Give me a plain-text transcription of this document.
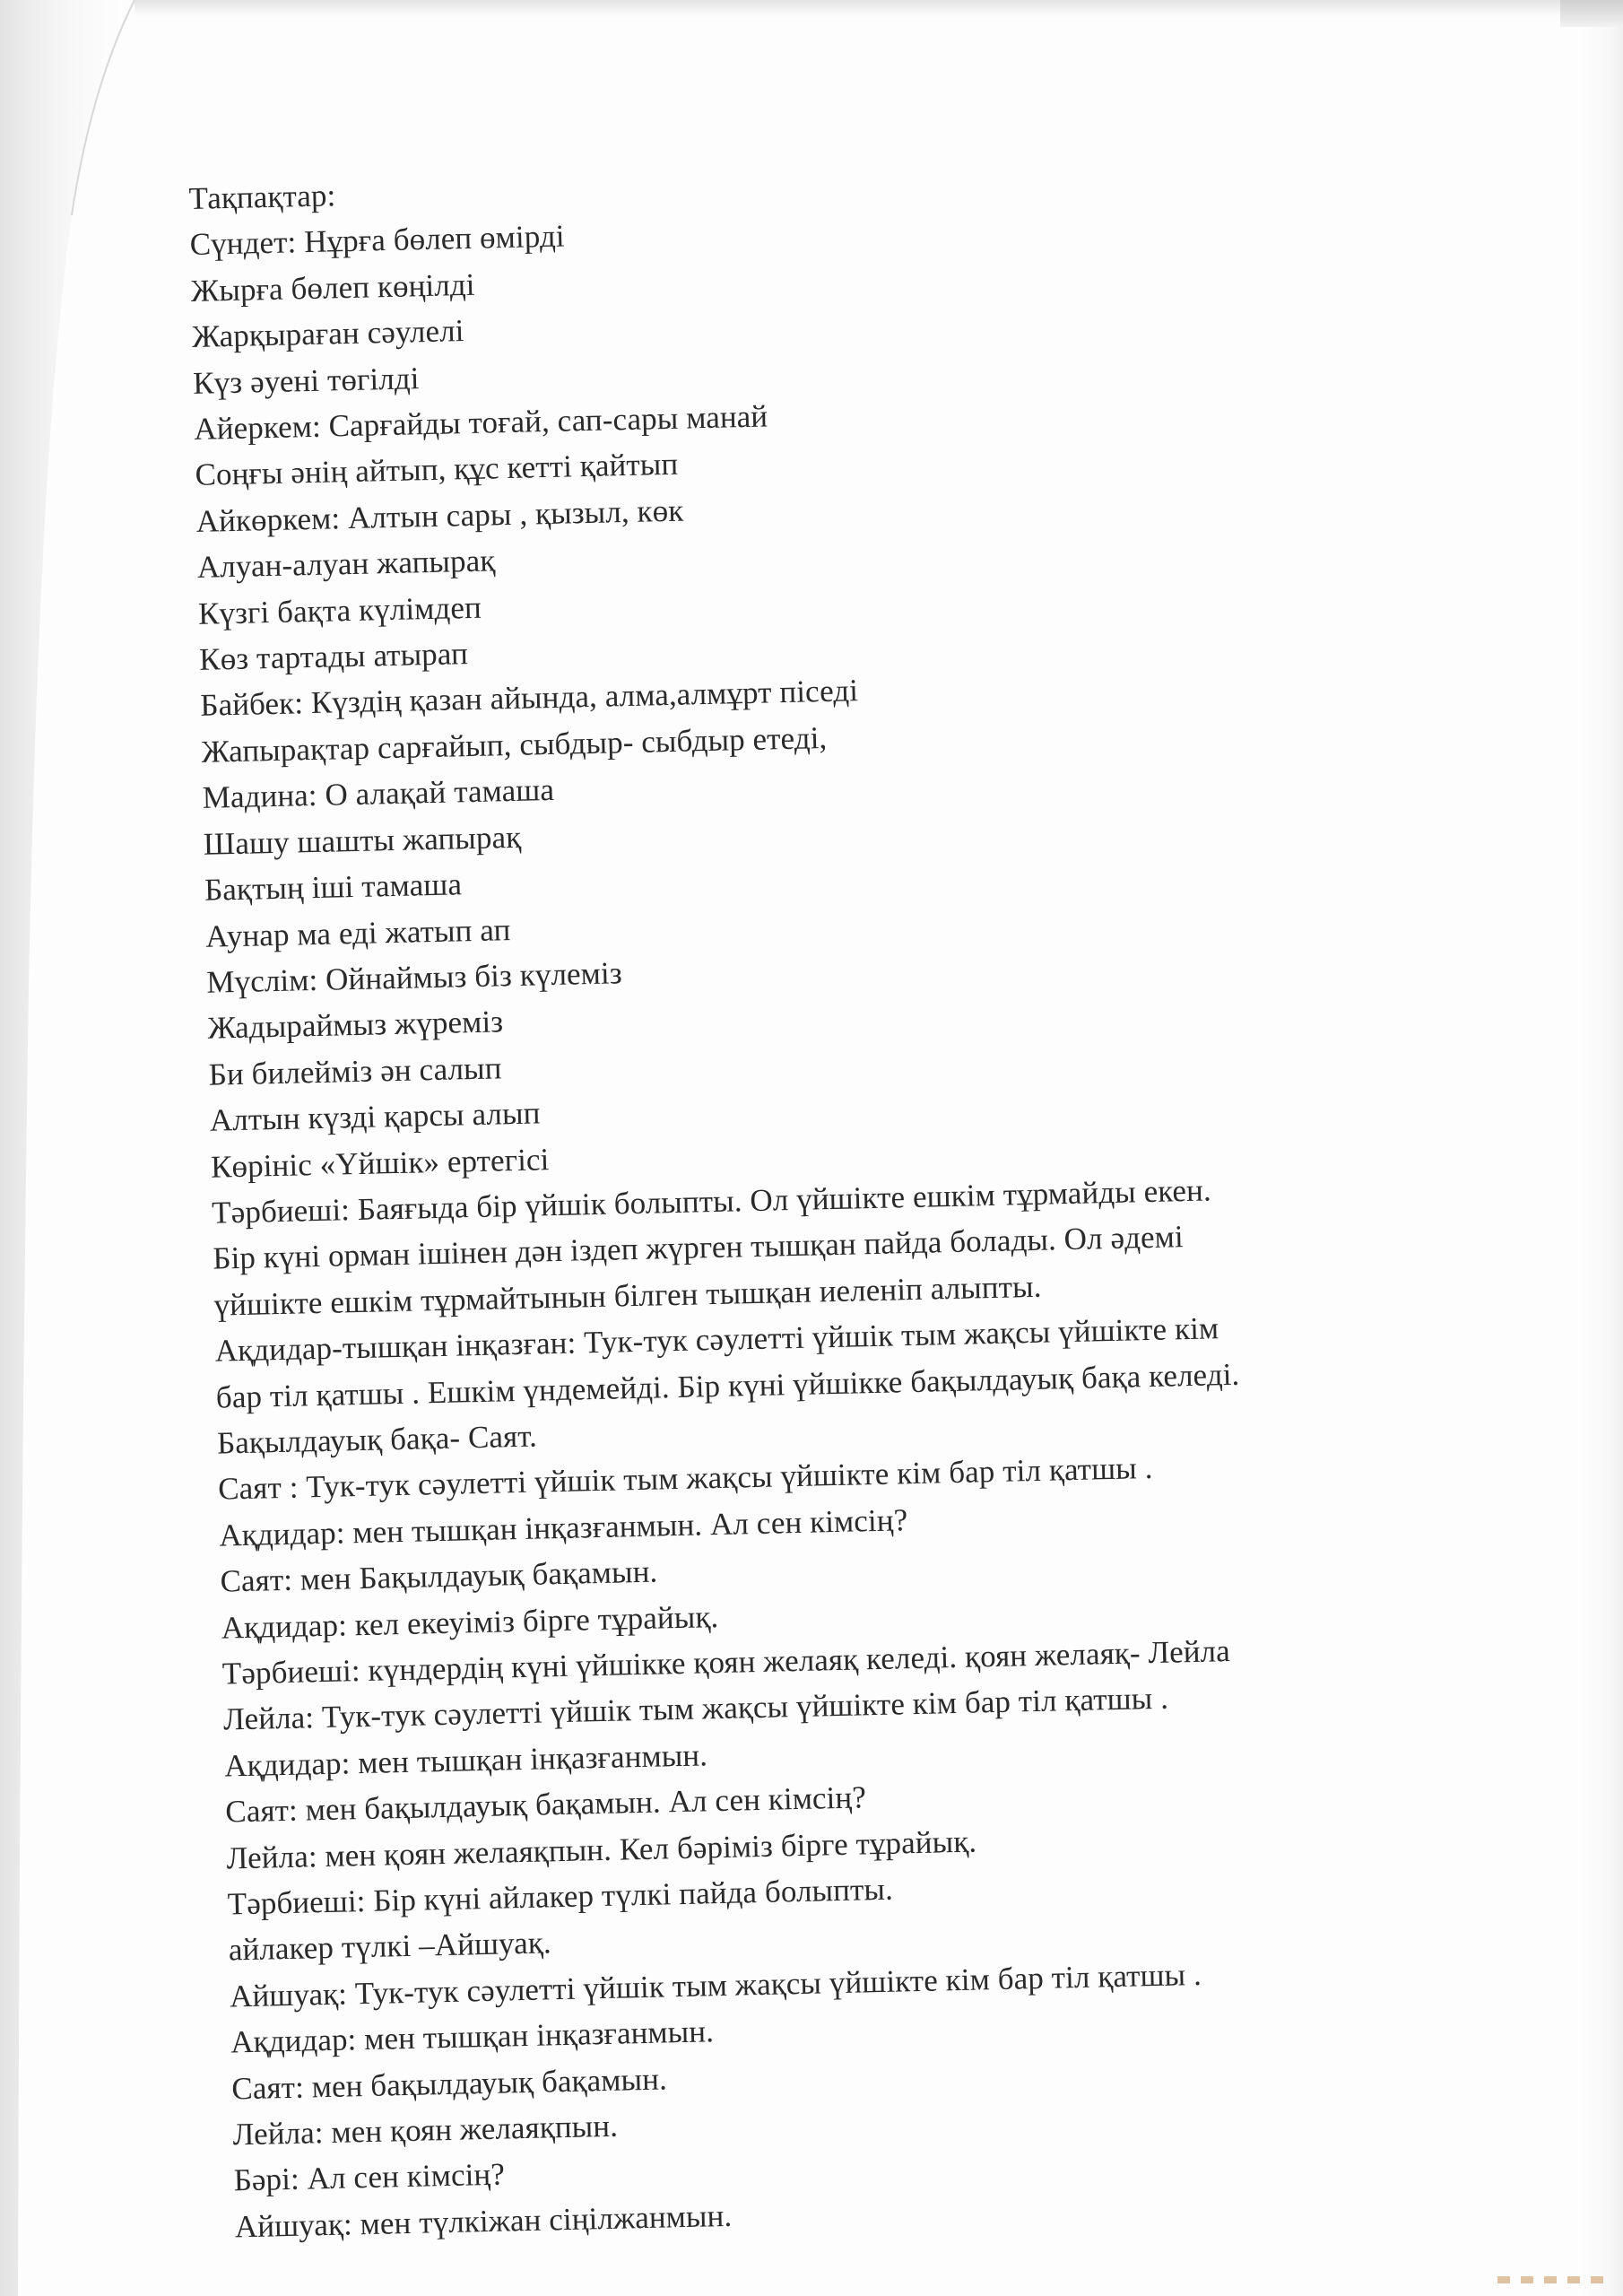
Тақпақтар:
Сүндет: Нұрға бөлеп өмірді
Жырға бөлеп көңілді
Жарқыраған сәулелі
Күз әуені төгілді
Айеркем: Сарғайды тоғай, сап-сары манай
Соңғы әнің айтып, құс кетті қайтып
Айкөркем: Алтын сары , қызыл, көк
Алуан-алуан жапырақ
Күзгі бақта күлімдеп
Көз тартады атырап
Байбек: Күздің қазан айында, алма,алмұрт піседі
Жапырақтар сарғайып, сыбдыр- сыбдыр етеді,
Мадина: О алақай тамаша
Шашу шашты жапырақ
Бақтың іші тамаша
Аунар ма еді жатып ап
Мүслім: Ойнаймыз біз күлеміз
Жадыраймыз жүреміз
Би билейміз ән салып
Алтын күзді қарсы алып
Көрініс «Үйшік» ертегісі
Тәрбиеші: Баяғыда бір үйшік болыпты. Ол үйшікте ешкім тұрмайды екен.
Бір күні орман ішінен дән іздеп жүрген тышқан пайда болады. Ол әдемі
үйшікте ешкім тұрмайтынын білген тышқан иеленіп алыпты.
Ақдидар-тышқан інқазған: Тук-тук сәулетті үйшік тым жақсы үйшікте кім
бар тіл қатшы . Ешкім үндемейді. Бір күні үйшікке бақылдауық бақа келеді.
Бақылдауық бақа- Саят.
Саят : Тук-тук сәулетті үйшік тым жақсы үйшікте кім бар тіл қатшы .
Ақдидар: мен тышқан інқазғанмын. Ал сен кімсің?
Саят: мен Бақылдауық бақамын.
Ақдидар: кел екеуіміз бірге тұрайық.
Тәрбиеші: күндердің күні үйшікке қоян желаяқ келеді. қоян желаяқ- Лейла
Лейла: Тук-тук сәулетті үйшік тым жақсы үйшікте кім бар тіл қатшы .
Ақдидар: мен тышқан інқазғанмын.
Саят: мен бақылдауық бақамын. Ал сен кімсің?
Лейла: мен қоян желаяқпын. Кел бәріміз бірге тұрайық.
Тәрбиеші: Бір күні айлакер түлкі пайда болыпты.
айлакер түлкі –Айшуақ.
Айшуақ: Тук-тук сәулетті үйшік тым жақсы үйшікте кім бар тіл қатшы .
Ақдидар: мен тышқан інқазғанмын.
Саят: мен бақылдауық бақамын.
Лейла: мен қоян желаяқпын.
Бәрі: Ал сен кімсің?
Айшуақ: мен түлкіжан сіңілжанмын.
